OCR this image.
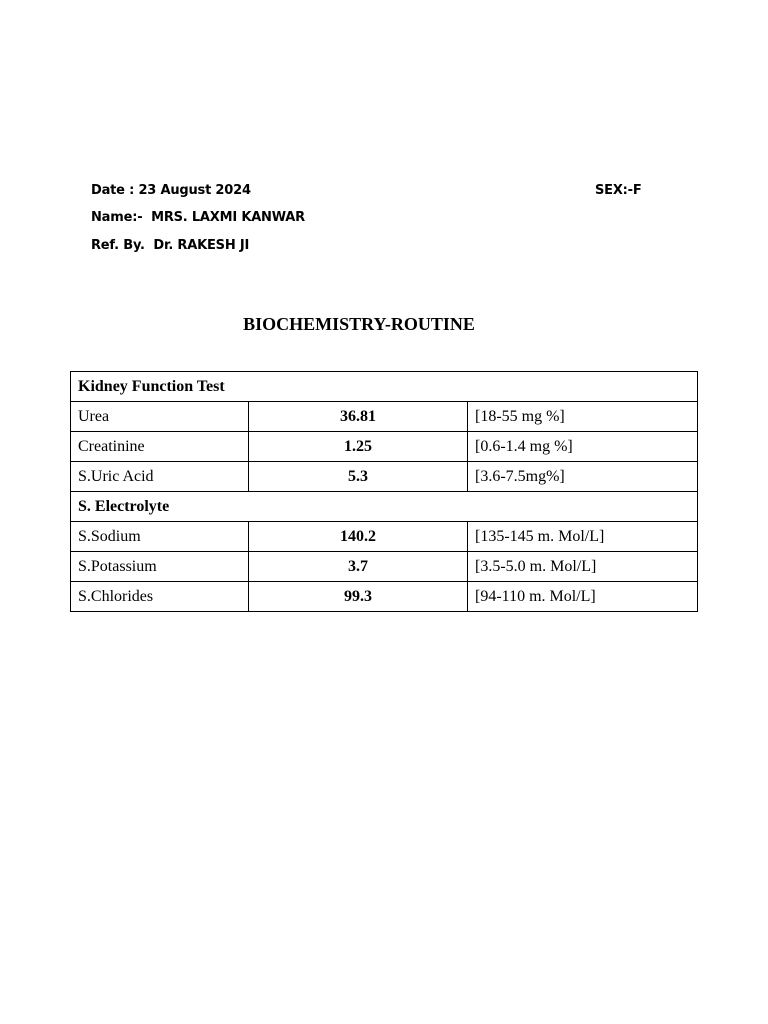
Date : 23 August 2024	SEX:-F
Name:- MRS. LAXMI KANWAR
Ref. By. Dr. RAKESH JI
BIOCHEMISTRY-ROUTINE
Kidney Function Test		
Urea	36.81	[18-55 mg %]
Creatinine	1.25	[0.6-1.4 mg %]
S.Uric Acid	5.3	[3.6-7.5mg%]
S. Electrolyte		
S.Sodium	140.2	[135-145 m. Mol/L]
S.Potassium	3.7	[3.5-5.0 m. Mol/L]
S.Chlorides	99.3	[94-110 m. Mol/L]
